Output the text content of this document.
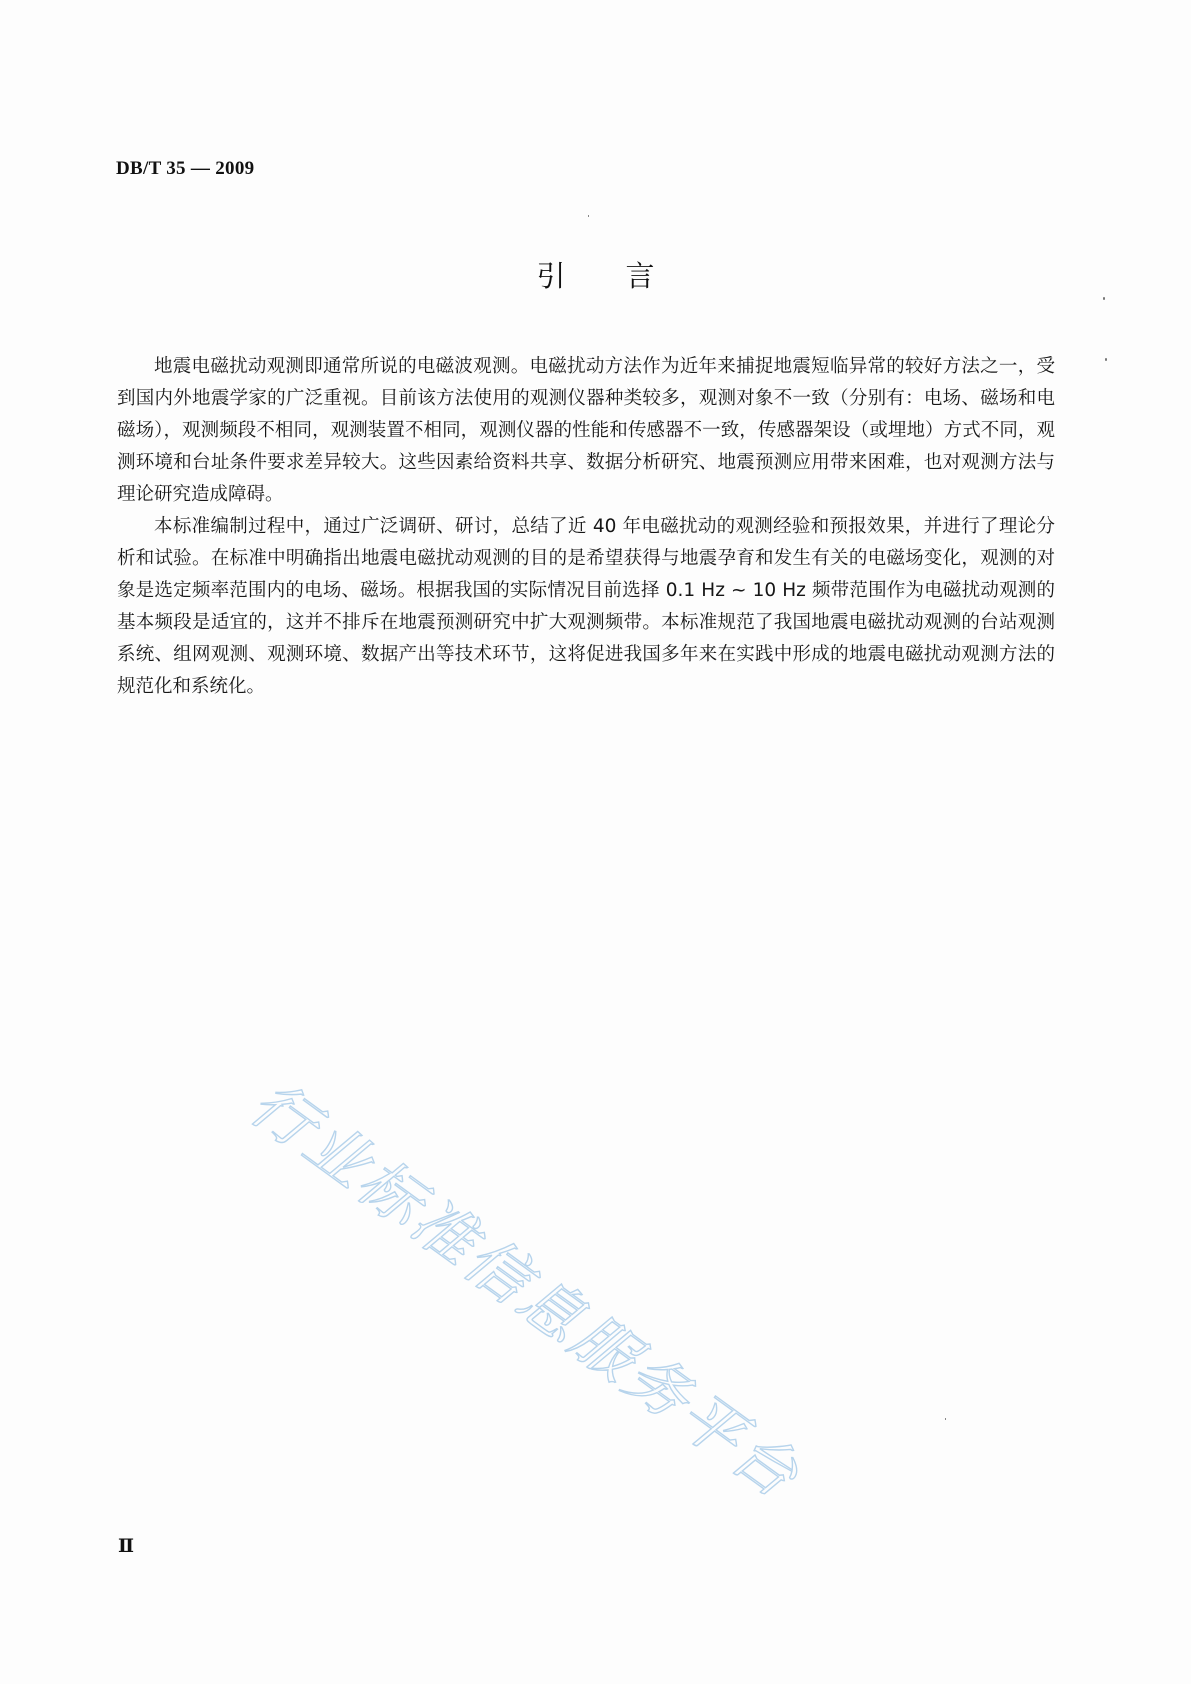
DB/T 35 — 2009
引 言

地震电磁扰动观测即通常所说的电磁波观测。电磁扰动方法作为近年来捕捉地震短临异常的较好方法之一，受到国内外地震学家的广泛重视。目前该方法使用的观测仪器种类较多，观测对象不一致（分别有：电场、磁场和电磁场），观测频段不相同，观测装置不相同，观测仪器的性能和传感器不一致，传感器架设（或埋地）方式不同，观测环境和台址条件要求差异较大。这些因素给资料共享、数据分析研究、地震预测应用带来困难，也对观测方法与理论研究造成障碍。

本标准编制过程中，通过广泛调研、研讨，总结了近 40 年电磁扰动的观测经验和预报效果，并进行了理论分析和试验。在标准中明确指出地震电磁扰动观测的目的是希望获得与地震孕育和发生有关的电磁场变化，观测的对象是选定频率范围内的电场、磁场。根据我国的实际情况目前选择 0.1 Hz ~ 10 Hz 频带范围作为电磁扰动观测的基本频段是适宜的，这并不排斥在地震预测研究中扩大观测频带。本标准规范了我国地震电磁扰动观测的台站观测系统、组网观测、观测环境、数据产出等技术环节，这将促进我国多年来在实践中形成的地震电磁扰动观测方法的规范化和系统化。

行业标准信息服务平台
Ⅱ
